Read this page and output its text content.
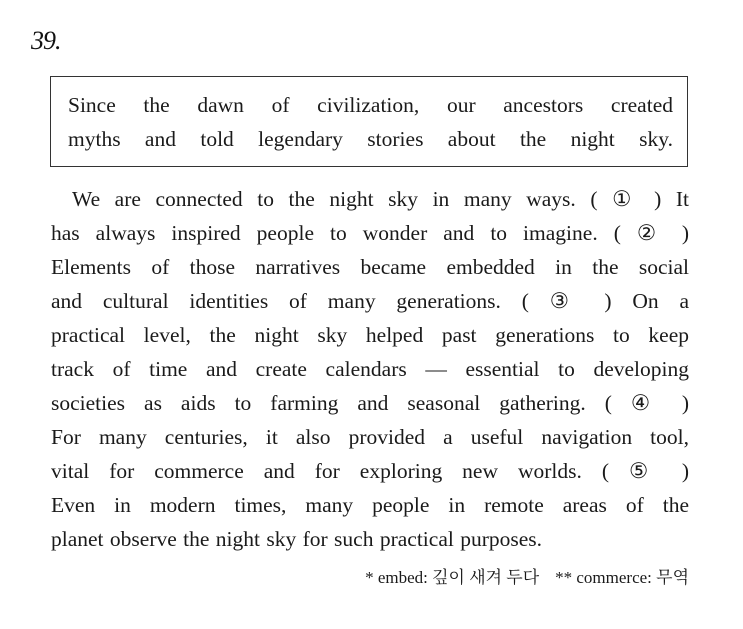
39.
Since the dawn of civilization, our ancestors created
myths and told legendary stories about the night sky.
We are connected to the night sky in many ways. ( ① ) It
has always inspired people to wonder and to imagine. ( ② )
Elements of those narratives became embedded in the social
and cultural identities of many generations. ( ③ ) On a
practical level, the night sky helped past generations to keep
track of time and create calendars — essential to developing
societies as aids to farming and seasonal gathering. ( ④ )
For many centuries, it also provided a useful navigation tool,
vital for commerce and for exploring new worlds. ( ⑤ )
Even in modern times, many people in remote areas of the
planet observe the night sky for such practical purposes.
* embed: 깊이 새겨 두다 ** commerce: 무역
